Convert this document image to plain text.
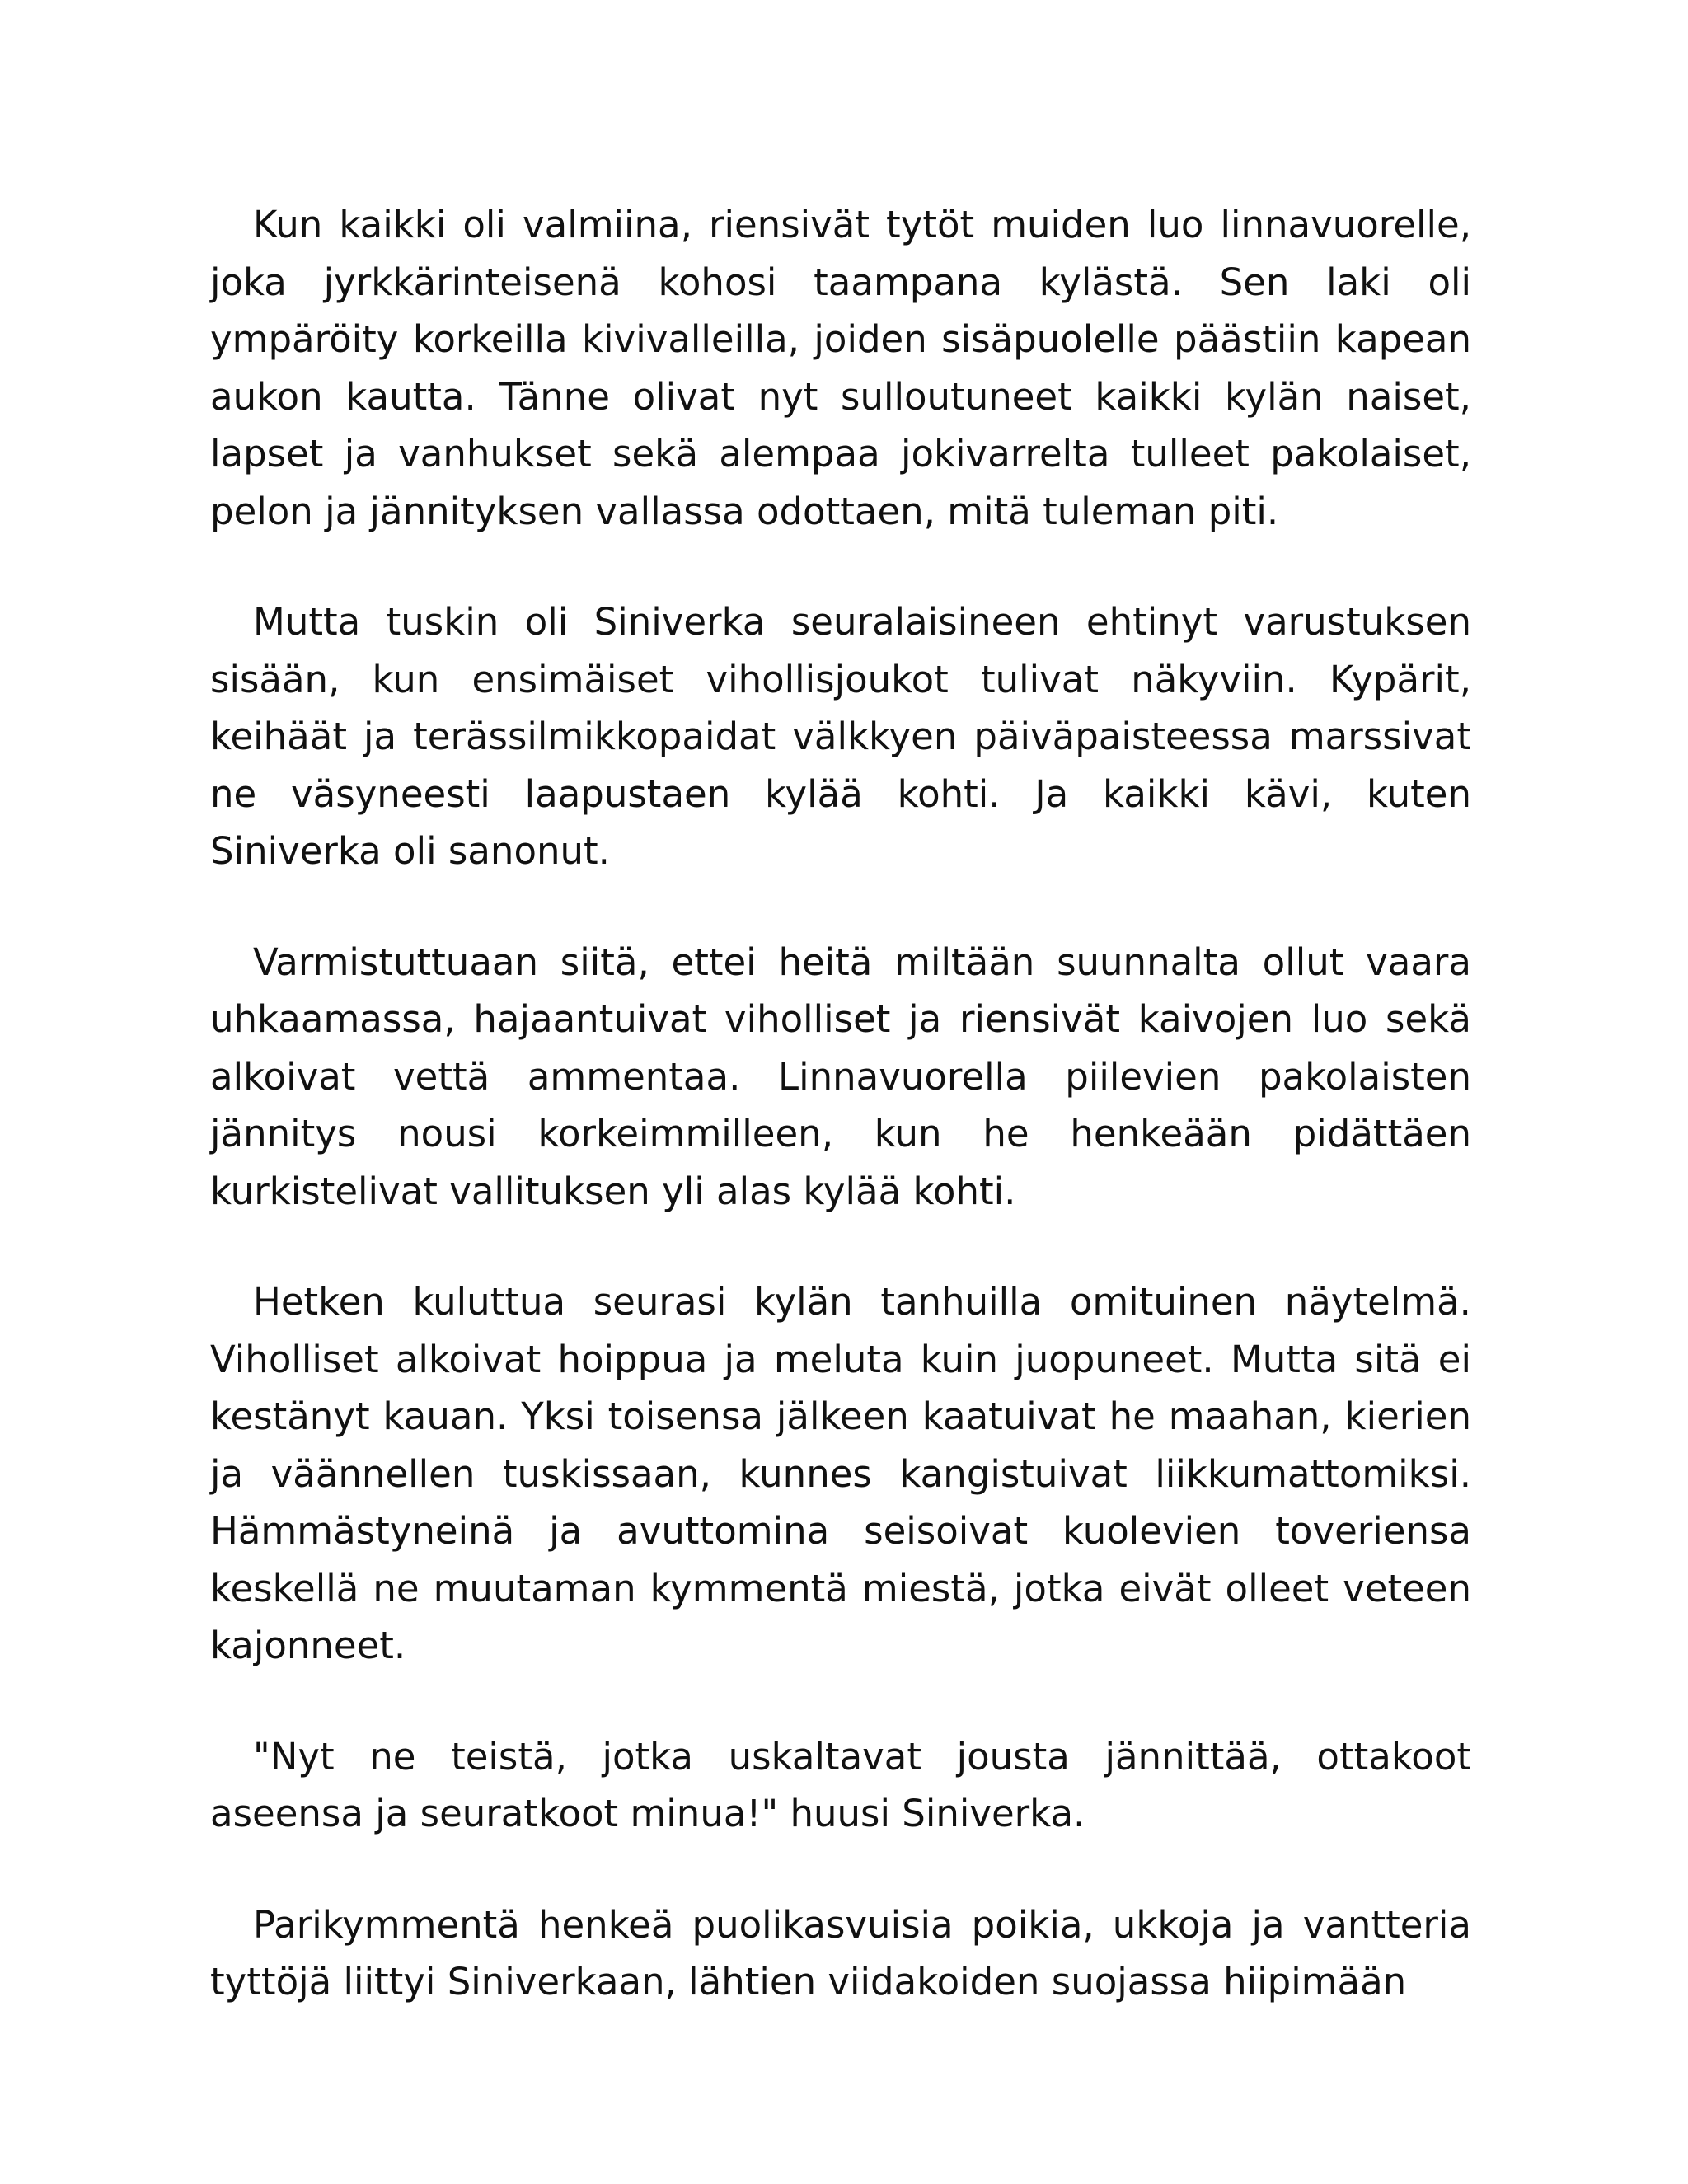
Kun kaikki oli valmiina, riensivät tytöt muiden luo linnavuorelle, joka jyrkkärinteisenä kohosi taampana kylästä. Sen laki oli ympäröity korkeilla kivivalleilla, joiden sisäpuolelle päästiin kapean aukon kautta. Tänne olivat nyt sulloutuneet kaikki kylän naiset, lapset ja vanhukset sekä alempaa jokivarrelta tulleet pakolaiset, pelon ja jännityksen vallassa odottaen, mitä tuleman piti.

Mutta tuskin oli Siniverka seuralaisineen ehtinyt varustuksen sisään, kun ensimäiset vihollisjoukot tulivat näkyviin. Kypärit, keihäät ja terässilmikkopaidat välkkyen päiväpaisteessa marssivat ne väsyneesti laapustaen kylää kohti. Ja kaikki kävi, kuten Siniverka oli sanonut.

Varmistuttuaan siitä, ettei heitä miltään suunnalta ollut vaara uhkaamassa, hajaantuivat viholliset ja riensivät kaivojen luo sekä alkoivat vettä ammentaa. Linnavuorella piilevien pakolaisten jännitys nousi korkeimmilleen, kun he henkeään pidättäen kurkistelivat vallituksen yli alas kylää kohti.

Hetken kuluttua seurasi kylän tanhuilla omituinen näytelmä. Viholliset alkoivat hoippua ja meluta kuin juopuneet. Mutta sitä ei kestänyt kauan. Yksi toisensa jälkeen kaatuivat he maahan, kierien ja väännellen tuskissaan, kunnes kangistuivat liikkumattomiksi. Hämmästyneinä ja avuttomina seisoivat kuolevien toveriensa keskellä ne muutaman kymmentä miestä, jotka eivät olleet veteen kajonneet.

"Nyt ne teistä, jotka uskaltavat jousta jännittää, ottakoot aseensa ja seuratkoot minua!" huusi Siniverka.

Parikymmentä henkeä puolikasvuisia poikia, ukkoja ja vantteria tyttöjä liittyi Siniverkaan, lähtien viidakoiden suojassa hiipimään
